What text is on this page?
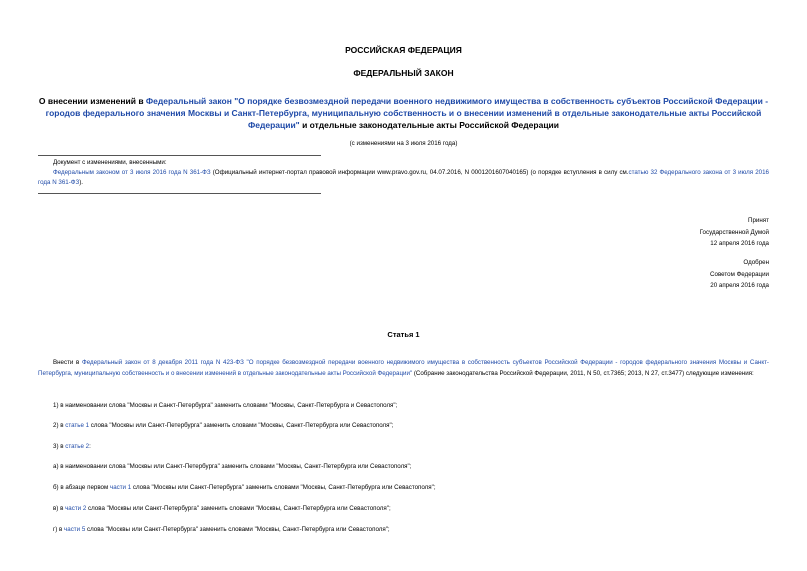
РОССИЙСКАЯ ФЕДЕРАЦИЯ
ФЕДЕРАЛЬНЫЙ ЗАКОН
О внесении изменений в Федеральный закон "О порядке безвозмездной передачи военного недвижимого имущества в собственность субъектов Российской Федерации - городов федерального значения Москвы и Санкт-Петербурга, муниципальную собственность и о внесении изменений в отдельные законодательные акты Российской Федерации" и отдельные законодательные акты Российской Федерации
(с изменениями на 3 июля 2016 года)
Документ с изменениями, внесенными:
Федеральным законом от 3 июля 2016 года N 361-ФЗ (Официальный интернет-портал правовой информации www.pravo.gov.ru, 04.07.2016, N 0001201607040165) (о порядке вступления в силу см.статью 32 Федерального закона от 3 июля 2016 года N 361-ФЗ).
Принят
Государственной Думой
12 апреля 2016 года
Одобрен
Советом Федерации
20 апреля 2016 года
Статья 1
Внести в Федеральный закон от 8 декабря 2011 года N 423-ФЗ "О порядке безвозмездной передачи военного недвижимого имущества в собственность субъектов Российской Федерации - городов федерального значения Москвы и Санкт-Петербурга, муниципальную собственность и о внесении изменений в отдельные законодательные акты Российской Федерации" (Собрание законодательства Российской Федерации, 2011, N 50, ст.7365; 2013, N 27, ст.3477) следующие изменения:
1) в наименовании слова "Москвы и Санкт-Петербурга" заменить словами "Москвы, Санкт-Петербурга и Севастополя";
2) в статье 1 слова "Москвы или Санкт-Петербурга" заменить словами "Москвы, Санкт-Петербурга или Севастополя";
3) в статье 2:
а) в наименовании слова "Москвы или Санкт-Петербурга" заменить словами "Москвы, Санкт-Петербурга или Севастополя";
б) в абзаце первом части 1 слова "Москвы или Санкт-Петербурга" заменить словами "Москвы, Санкт-Петербурга или Севастополя";
в) в части 2 слова "Москвы или Санкт-Петербурга" заменить словами "Москвы, Санкт-Петербурга или Севастополя";
г) в части 5 слова "Москвы или Санкт-Петербурга" заменить словами "Москвы, Санкт-Петербурга или Севастополя";
